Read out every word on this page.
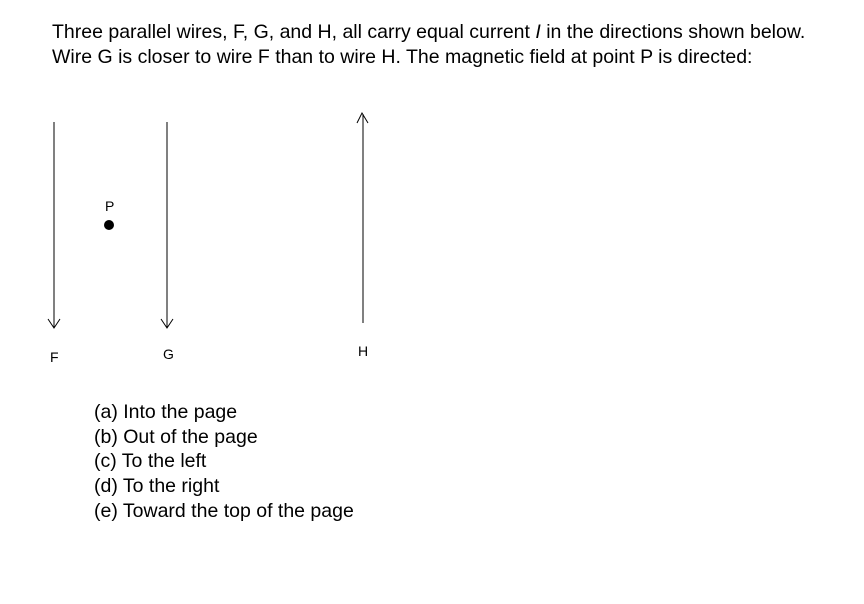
Three parallel wires, F, G, and H, all carry equal current I in the directions shown below.
Wire G is closer to wire F than to wire H. The magnetic field at point P is directed:
P
F	G	H
(a) Into the page
(b) Out of the page
(c) To the left
(d) To the right
(e) Toward the top of the page
